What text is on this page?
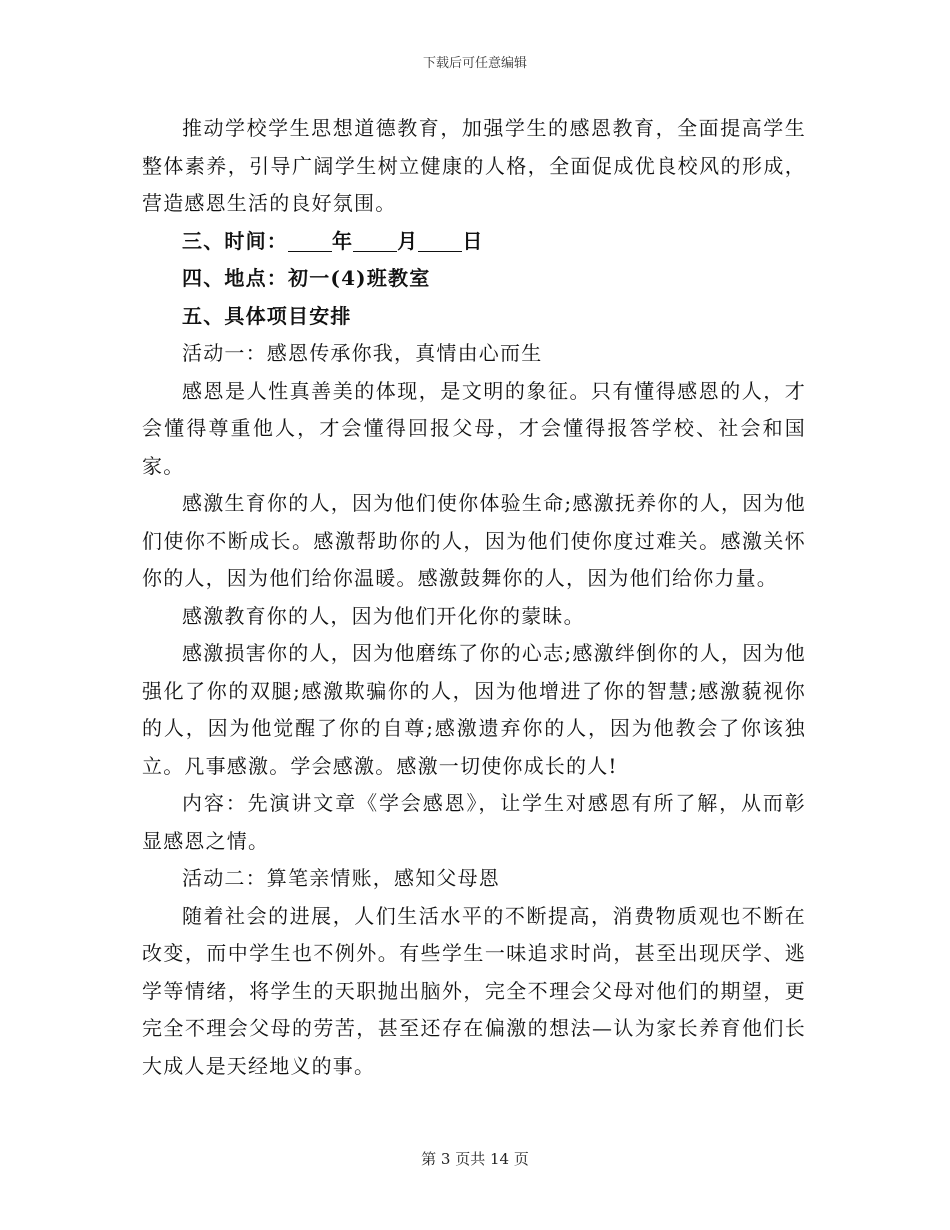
下载后可任意编辑

推动学校学生思想道德教育，加强学生的感恩教育，全面提高学生整体素养，引导广阔学生树立健康的人格，全面促成优良校风的形成，营造感恩生活的良好氛围。

三、时间： 年 月 日

四、地点：初一(4)班教室

五、具体项目安排

活动一：感恩传承你我，真情由心而生

感恩是人性真善美的体现，是文明的象征。只有懂得感恩的人，才会懂得尊重他人，才会懂得回报父母，才会懂得报答学校、社会和国家。

感激生育你的人，因为他们使你体验生命;感激抚养你的人，因为他们使你不断成长。感激帮助你的人，因为他们使你度过难关。感激关怀你的人，因为他们给你温暖。感激鼓舞你的人，因为他们给你力量。

感激教育你的人，因为他们开化你的蒙昧。

感激损害你的人，因为他磨练了你的心志;感激绊倒你的人，因为他强化了你的双腿;感激欺骗你的人，因为他增进了你的智慧;感激藐视你的人，因为他觉醒了你的自尊;感激遗弃你的人，因为他教会了你该独立。凡事感激。学会感激。感激一切使你成长的人!

内容：先演讲文章《学会感恩》，让学生对感恩有所了解，从而彰显感恩之情。

活动二：算笔亲情账，感知父母恩

随着社会的进展，人们生活水平的不断提高，消费物质观也不断在改变，而中学生也不例外。有些学生一味追求时尚，甚至出现厌学、逃学等情绪，将学生的天职抛出脑外，完全不理会父母对他们的期望，更完全不理会父母的劳苦，甚至还存在偏激的想法—认为家长养育他们长大成人是天经地义的事。

第 3 页共 14 页
